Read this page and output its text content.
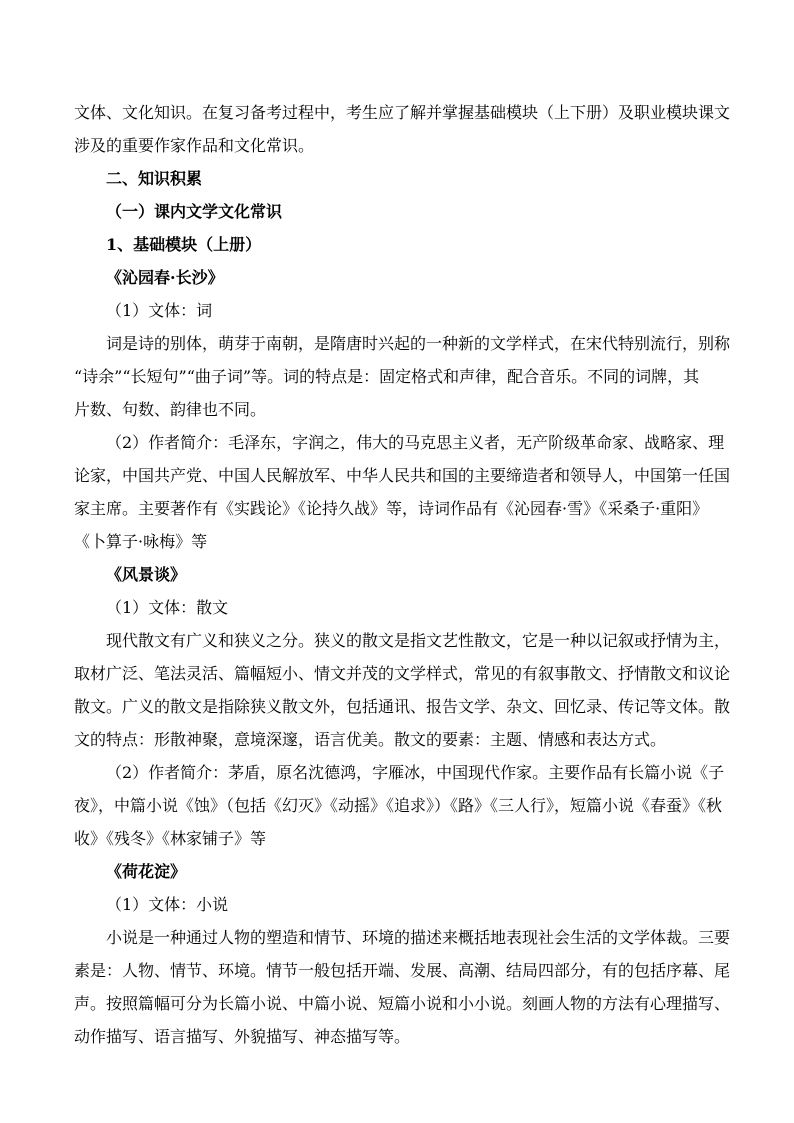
文体、文化知识。在复习备考过程中，考生应了解并掌握基础模块（上下册）及职业模块课文
涉及的重要作家作品和文化常识。
二、知识积累
（一）课内文学文化常识
1、基础模块（上册）
《沁园春·长沙》
（1）文体：词
词是诗的别体，萌芽于南朝，是隋唐时兴起的一种新的文学样式，在宋代特别流行，别称
“诗余”“长短句”“曲子词”等。词的特点是：固定格式和声律，配合音乐。不同的词牌，其
片数、句数、韵律也不同。
（2）作者简介：毛泽东，字润之，伟大的马克思主义者，无产阶级革命家、战略家、理
论家，中国共产党、中国人民解放军、中华人民共和国的主要缔造者和领导人，中国第一任国
家主席。主要著作有《实践论》《论持久战》等，诗词作品有《沁园春·雪》《采桑子·重阳》
《卜算子·咏梅》等
《风景谈》
（1）文体：散文
现代散文有广义和狭义之分。狭义的散文是指文艺性散文，它是一种以记叙或抒情为主，
取材广泛、笔法灵活、篇幅短小、情文并茂的文学样式，常见的有叙事散文、抒情散文和议论
散文。广义的散文是指除狭义散文外，包括通讯、报告文学、杂文、回忆录、传记等文体。散
文的特点：形散神聚，意境深邃，语言优美。散文的要素：主题、情感和表达方式。
（2）作者简介：茅盾，原名沈德鸿，字雁冰，中国现代作家。主要作品有长篇小说《子
夜》，中篇小说《蚀》（包括《幻灭》《动摇》《追求》）《路》《三人行》，短篇小说《春蚕》《秋
收》《残冬》《林家铺子》等
《荷花淀》
（1）文体：小说
小说是一种通过人物的塑造和情节、环境的描述来概括地表现社会生活的文学体裁。三要
素是：人物、情节、环境。情节一般包括开端、发展、高潮、结局四部分，有的包括序幕、尾
声。按照篇幅可分为长篇小说、中篇小说、短篇小说和小小说。刻画人物的方法有心理描写、
动作描写、语言描写、外貌描写、神态描写等。
